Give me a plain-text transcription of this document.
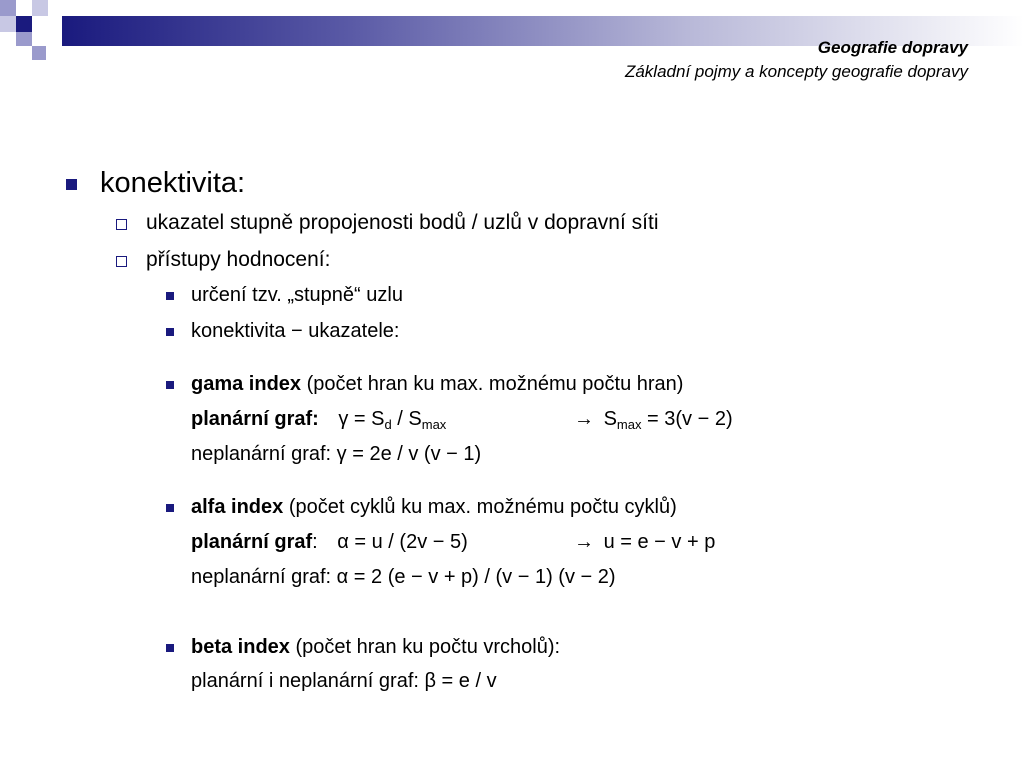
Geografie dopravy
Základní pojmy a koncepty geografie dopravy
konektivita:
ukazatel stupně propojenosti bodů / uzlů v dopravní síti
přístupy hodnocení:
určení tzv. „stupně“ uzlu
konektivita − ukazatele:
gama index (počet hran ku max. možnému počtu hran)
planární graf: $\gamma = S_d / S_{max}$	→ $S_{max} = 3(v - 2)$
neplanární graf: γ = 2e / v (v − 1)
alfa index (počet cyklů ku max. možnému počtu cyklů)
planární graf: α = u / (2v − 5)	→ u = e − v + p
neplanární graf: α = 2 (e − v + p) / (v − 1) (v − 2)
beta index (počet hran ku počtu vrcholů):
planární i neplanární graf: β = e / v
